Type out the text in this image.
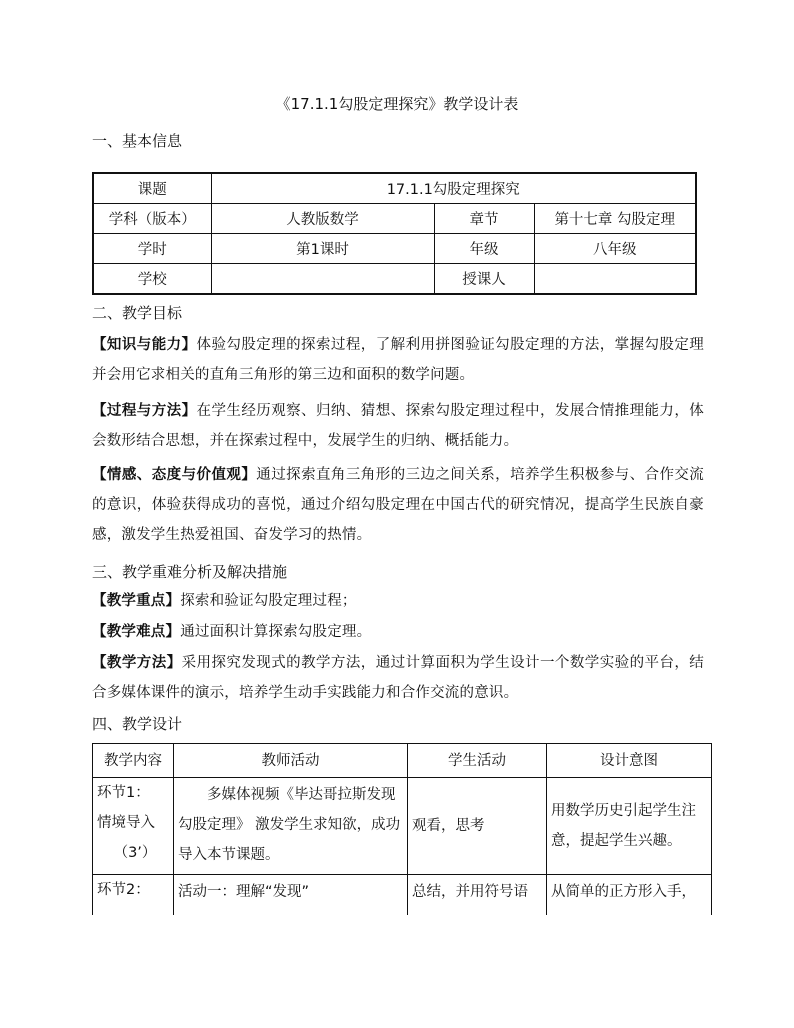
《17.1.1勾股定理探究》教学设计表
一、基本信息
课题	17.1.1勾股定理探究		
学科（版本）	人教版数学	章节	第十七章 勾股定理
学时	第1课时	年级	八年级
学校		授课人	
二、教学目标

【知识与能力】体验勾股定理的探索过程，了解利用拼图验证勾股定理的方法，掌握勾股定理并会用它求相关的直角三角形的第三边和面积的数学问题。

【过程与方法】在学生经历观察、归纳、猜想、探索勾股定理过程中，发展合情推理能力，体会数形结合思想，并在探索过程中，发展学生的归纳、概括能力。

【情感、态度与价值观】通过探索直角三角形的三边之间关系，培养学生积极参与、合作交流的意识，体验获得成功的喜悦，通过介绍勾股定理在中国古代的研究情况，提高学生民族自豪感，激发学生热爱祖国、奋发学习的热情。

三、教学重难分析及解决措施

【教学重点】探索和验证勾股定理过程；

【教学难点】通过面积计算探索勾股定理。

【教学方法】采用探究发现式的教学方法，通过计算面积为学生设计一个数学实验的平台，结合多媒体课件的演示，培养学生动手实践能力和合作交流的意识。

四、教学设计
教学内容	教师活动	学生活动	设计意图

环节1：
情境导入
（3’）	多媒体视频《毕达哥拉斯发现勾股定理》 激发学生求知欲，成功导入本节课题。	观看，思考	用数学历史引起学生注意，提起学生兴趣。

环节2：	活动一：理解“发现”	总结，并用符号语	从简单的正方形入手，
